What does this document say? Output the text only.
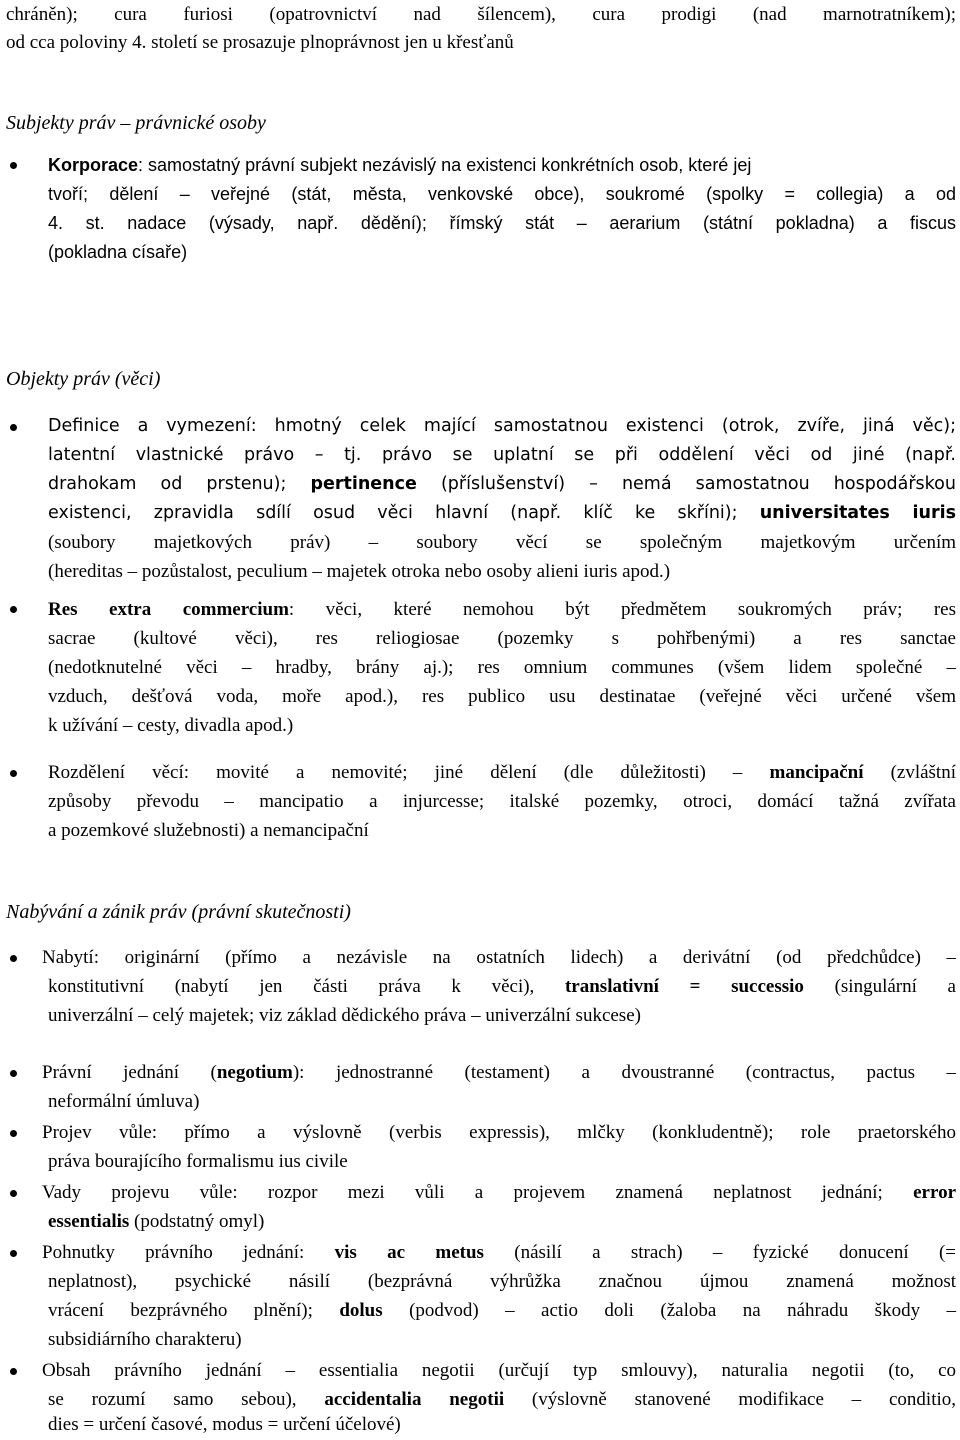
chráněn); cura furiosi (opatrovnictví nad šílencem), cura prodigi (nad marnotratníkem);
od cca poloviny 4. století se prosazuje plnoprávnost jen u křesťanů
Subjekty práv – právnické osoby
Korporace: samostatný právní subjekt nezávislý na existenci konkrétních osob, které jej
tvoří; dělení – veřejné (stát, města, venkovské obce), soukromé (spolky = collegia) a od
4. st. nadace (výsady, např. dědění); římský stát – aerarium (státní pokladna) a fiscus
(pokladna císaře)
Objekty práv (věci)
Definice a vymezení: hmotný celek mající samostatnou existenci (otrok, zvíře, jiná věc);
latentní vlastnické právo – tj. právo se uplatní se při oddělení věci od jiné (např.
drahokam od prstenu); pertinence (příslušenství) – nemá samostatnou hospodářskou
existenci, zpravidla sdílí osud věci hlavní (např. klíč ke skříni); universitates iuris
(soubory majetkových práv) – soubory věcí se společným majetkovým určením
(hereditas – pozůstalost, peculium – majetek otroka nebo osoby alieni iuris apod.)
Res extra commercium: věci, které nemohou být předmětem soukromých práv; res
sacrae (kultové věci), res reliogiosae (pozemky s pohřbenými) a res sanctae
(nedotknutelné věci – hradby, brány aj.); res omnium communes (všem lidem společné –
vzduch, dešťová voda, moře apod.), res publico usu destinatae (veřejné věci určené všem
k užívání – cesty, divadla apod.)
Rozdělení věcí: movité a nemovité; jiné dělení (dle důležitosti) – mancipační (zvláštní
způsoby převodu – mancipatio a injurcesse; italské pozemky, otroci, domácí tažná zvířata
a pozemkové služebnosti) a nemancipační
Nabývání a zánik práv (právní skutečnosti)
Nabytí: originární (přímo a nezávisle na ostatních lidech) a derivátní (od předchůdce) –
konstitutivní (nabytí jen části práva k věci), translativní = successio (singulární a
univerzální – celý majetek; viz základ dědického práva – univerzální sukcese)
Právní jednání (negotium): jednostranné (testament) a dvoustranné (contractus, pactus –
neformální úmluva)
Projev vůle: přímo a výslovně (verbis expressis), mlčky (konkludentně); role praetorského
práva bourajícího formalismu ius civile
Vady projevu vůle: rozpor mezi vůli a projevem znamená neplatnost jednání; error
essentialis (podstatný omyl)
Pohnutky právního jednání: vis ac metus (násilí a strach) – fyzické donucení (=
neplatnost), psychické násilí (bezprávná výhrůžka značnou újmou znamená možnost
vrácení bezprávného plnění); dolus (podvod) – actio doli (žaloba na náhradu škody –
subsidiárního charakteru)
Obsah právního jednání – essentialia negotii (určují typ smlouvy), naturalia negotii (to, co
se rozumí samo sebou), accidentalia negotii (výslovně stanovené modifikace – conditio,
dies = určení časové, modus = určení účelové)
